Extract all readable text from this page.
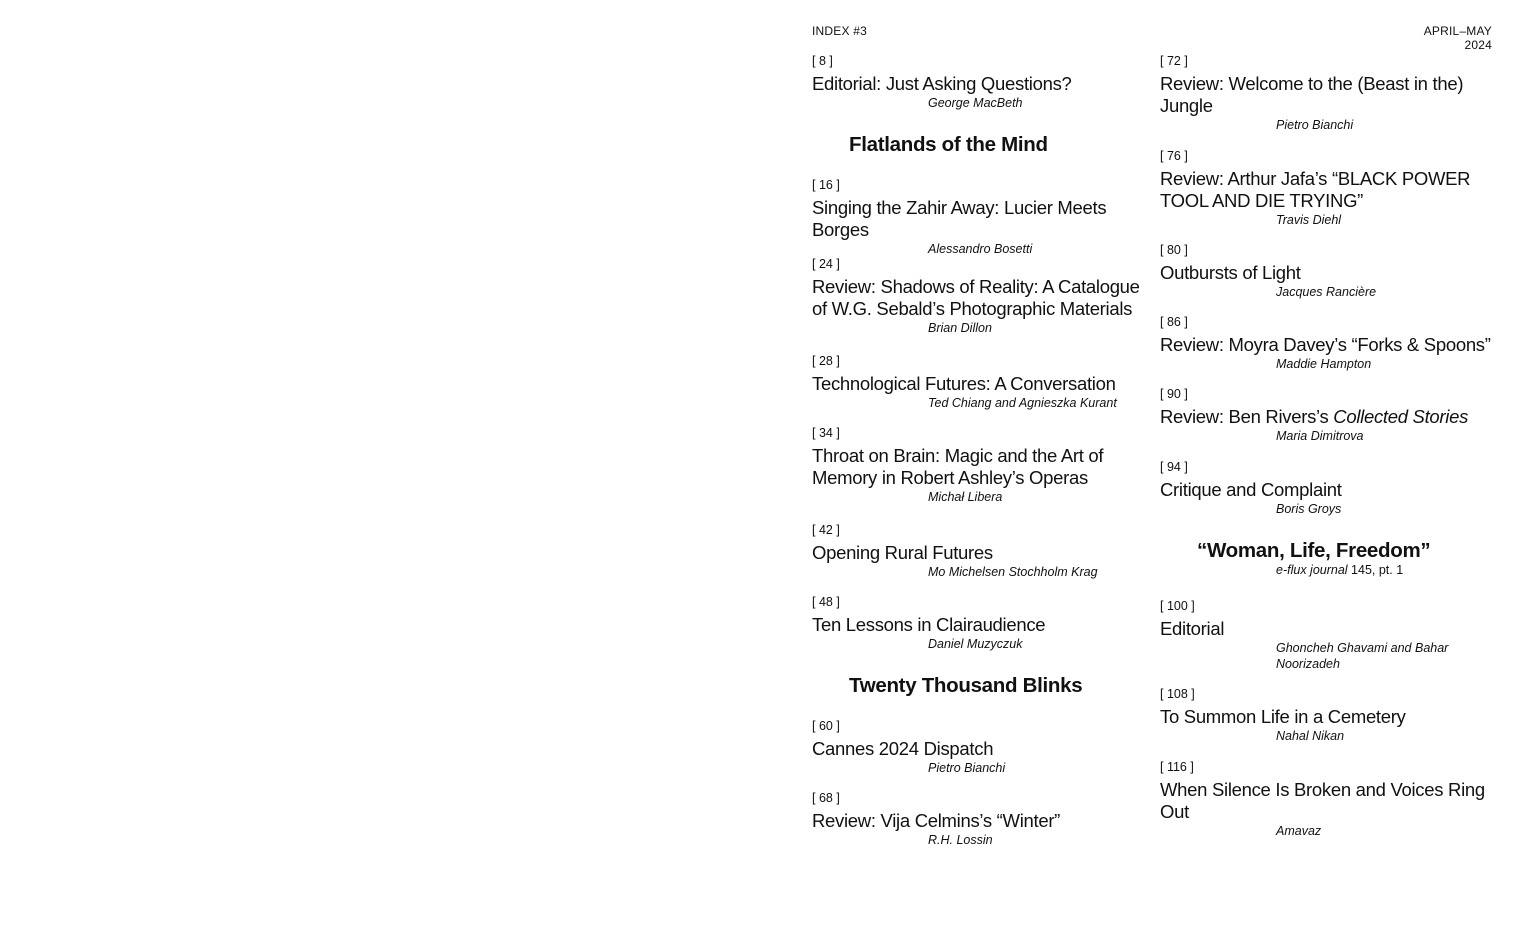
INDEX #3	APRIL–MAY 2024
[ 8 ]
Editorial: Just Asking Questions?
George MacBeth
Flatlands of the Mind
[ 16 ]
Singing the Zahir Away: Lucier Meets Borges
Alessandro Bosetti
[ 24 ]
Review: Shadows of Reality: A Catalogue of W.G. Sebald’s Photographic Materials
Brian Dillon
[ 28 ]
Technological Futures: A Conversation
Ted Chiang and Agnieszka Kurant
[ 34 ]
Throat on Brain: Magic and the Art of Memory in Robert Ashley’s Operas
Michał Libera
[ 42 ]
Opening Rural Futures
Mo Michelsen Stochholm Krag
[ 48 ]
Ten Lessons in Clairaudience
Daniel Muzyczuk
Twenty Thousand Blinks
[ 60 ]
Cannes 2024 Dispatch
Pietro Bianchi
[ 68 ]
Review: Vija Celmins’s “Winter”
R.H. Lossin
[ 72 ]
Review: Welcome to the (Beast in the) Jungle
Pietro Bianchi
[ 76 ]
Review: Arthur Jafa’s “BLACK POWER TOOL AND DIE TRYING”
Travis Diehl
[ 80 ]
Outbursts of Light
Jacques Rancière
[ 86 ]
Review: Moyra Davey’s “Forks & Spoons”
Maddie Hampton
[ 90 ]
Review: Ben Rivers’s Collected Stories
Maria Dimitrova
[ 94 ]
Critique and Complaint
Boris Groys
“Woman, Life, Freedom”
e-flux journal 145, pt. 1
[ 100 ]
Editorial
Ghoncheh Ghavami and Bahar Noorizadeh
[ 108 ]
To Summon Life in a Cemetery
Nahal Nikan
[ 116 ]
When Silence Is Broken and Voices Ring Out
Amavaz
